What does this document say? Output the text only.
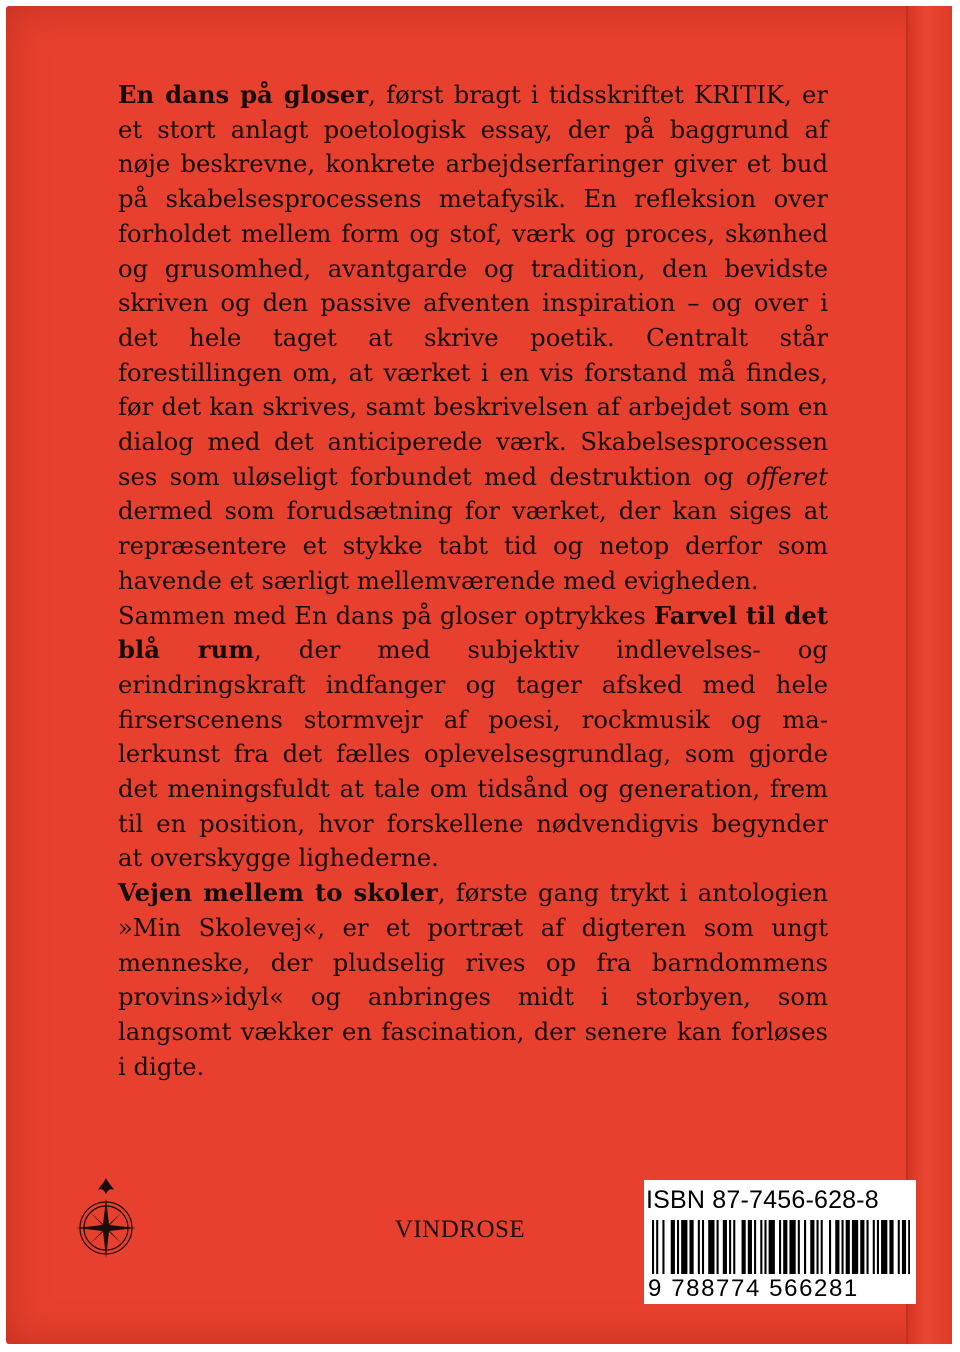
En dans på gloser, først bragt i tidsskriftet KRITIK, er et stort anlagt poetologisk essay, der på baggrund af nøje beskrevne, konkrete arbejdserfaringer giver et bud på skabelsesprocessens metafysik. En refleksion over forholdet mellem form og stof, værk og proces, skønhed og grusomhed, avantgarde og tradition, den bevidste skriven og den passive afventen inspiration – og over i det hele taget at skrive poetik. Centralt står forestillingen om, at værket i en vis forstand må findes, før det kan skrives, samt beskrivelsen af arbejdet som en dialog med det anticiperede værk. Skabelsesprocessen ses som uløseligt forbundet med destruktion og offeret dermed som forudsætning for værket, der kan siges at repræsentere et stykke tabt tid og netop derfor som havende et særligt mellemværende med evigheden.

Sammen med En dans på gloser optrykkes Farvel til det blå rum, der med subjektiv indlevelses- og erindringskraft indfanger og tager afsked med hele firserscenens stormvejr af poesi, rockmusik og malerkunst fra det fælles oplevelsesgrundlag, som gjorde det meningsfuldt at tale om tidsånd og generation, frem til en position, hvor forskellene nødvendigvis begynder at overskygge lighederne.

Vejen mellem to skoler, første gang trykt i antologien »Min Skolevej«, er et portræt af digteren som ungt menneske, der pludselig rives op fra barndommens provins»idyl« og anbringes midt i storbyen, som langsomt vækker en fascination, der senere kan forløses i digte.

VINDROSE
ISBN 87-7456-628-8
9 788774 566281
